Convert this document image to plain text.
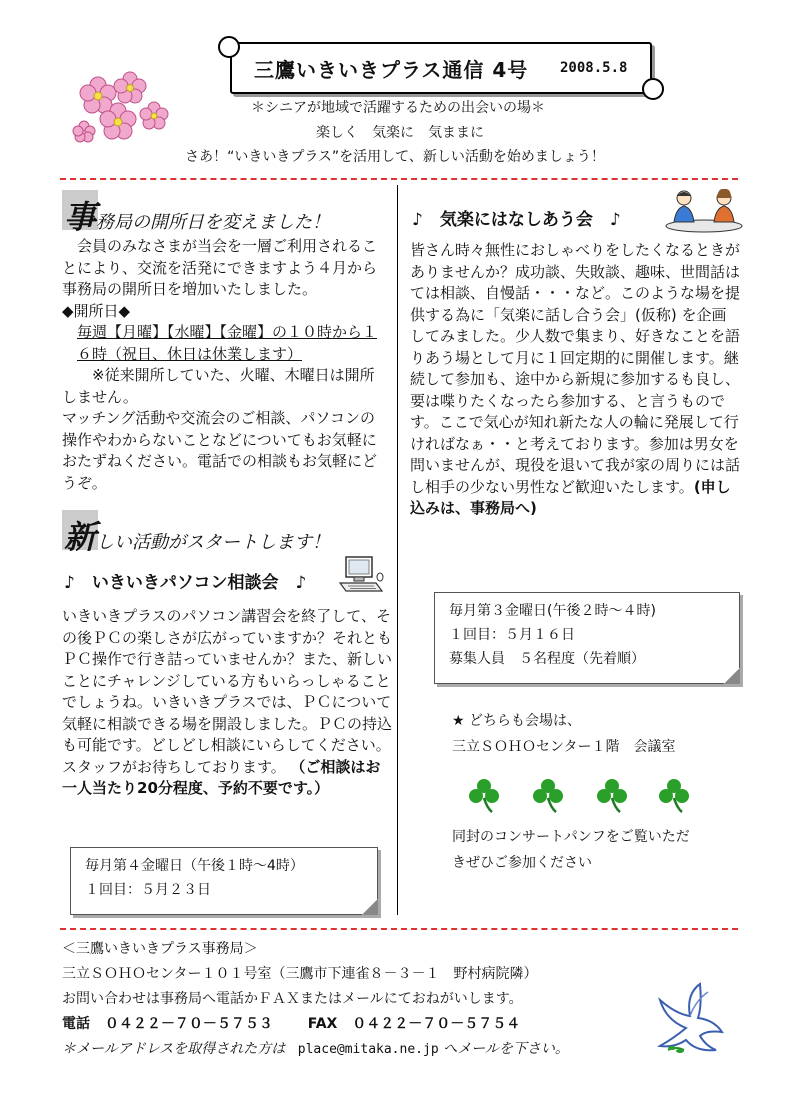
三鷹いきいきプラス通信 4号 2008.5.8
＊シニアが地域で活躍するための出会いの場＊
楽しく　気楽に　気ままに
さあ！“いきいきプラス”を活用して、新しい活動を始めましょう！
事務局の開所日を変えました！

会員のみなさまが当会を一層ご利用されることにより、交流を活発にできますよう４月から事務局の開所日を増加いたしました。

◆開所日◆

毎週【月曜】【水曜】【金曜】の１０時から１６時（祝日、休日は休業します）

※従来開所していた、火曜、木曜日は開所しません。

マッチング活動や交流会のご相談、パソコンの操作やわからないことなどについてもお気軽におたずねください。電話での相談もお気軽にどうぞ。

新しい活動がスタートします！
♪　いきいきパソコン相談会　♪

いきいきプラスのパソコン講習会を終了して、その後ＰＣの楽しさが広がっていますか？それともＰＣ操作で行き詰っていませんか？また、新しいことにチャレンジしている方もいらっしゃることでしょうね。いきいきプラスでは、ＰＣについて気軽に相談できる場を開設しました。ＰＣの持込も可能です。どしどし相談にいらしてください。スタッフがお待ちしております。 （ご相談はお一人当たり20分程度、予約不要です。）

毎月第４金曜日（午後１時～4時）
１回目：５月２３日
♪　気楽にはなしあう会　♪

皆さん時々無性におしゃべりをしたくなるときがありませんか？成功談、失敗談、趣味、世間話はては相談、自慢話・・・など。このような場を提供する為に「気楽に話し合う会」(仮称) を企画してみました。少人数で集まり、好きなことを語りあう場として月に１回定期的に開催します。継続して参加も、途中から新規に参加するも良し、要は喋りたくなったら参加する、と言うものです。ここで気心が知れ新たな人の輪に発展して行ければなぁ・・と考えております。参加は男女を問いませんが、現役を退いて我が家の周りには話し相手の少ない男性など歓迎いたします。(申し込みは、事務局へ)

毎月第３金曜日(午後２時～４時)
１回目：５月１６日
募集人員　５名程度（先着順）

★ どちらも会場は、

三立ＳＯＨＯセンター１階　会議室

同封のコンサートパンフをご覧いただ

きぜひご参加ください

＜三鷹いきいきプラス事務局＞

三立ＳＯＨＯセンター１０１号室（三鷹市下連雀８－３－１　野村病院隣）

お問い合わせは事務局へ電話かＦＡＸまたはメールにておねがいします。

電話 ０４２２－７０－５７５３ FAX ０４２２－７０－５７５４

＊メールアドレスを取得された方は place@mitaka.ne.jp へメールを下さい。
